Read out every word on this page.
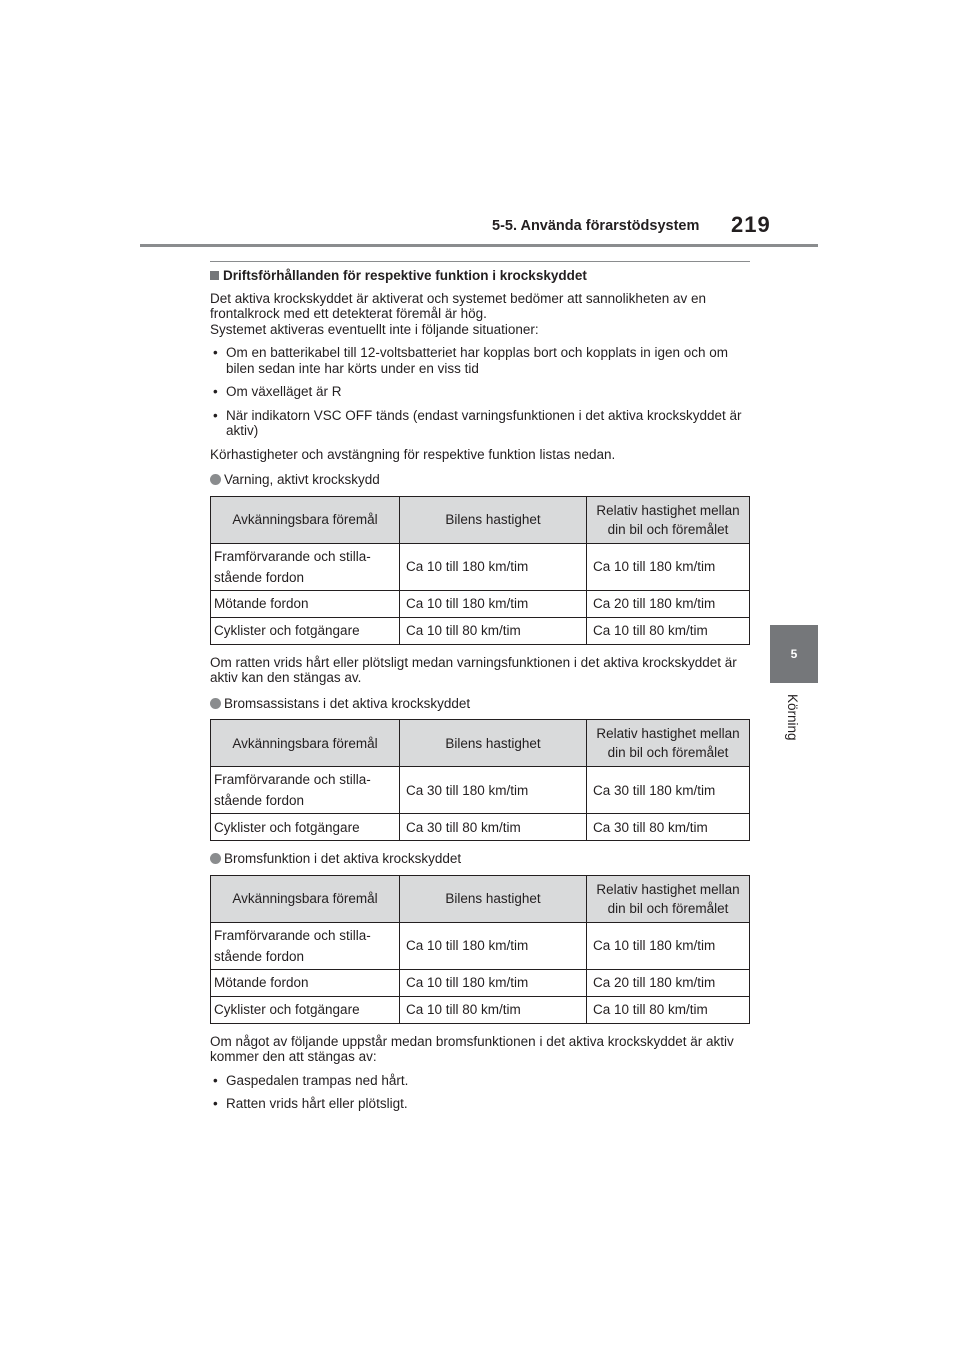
5-5. Använda förarstödsystem 219
5
Körning
Driftsförhållanden för respektive funktion i krockskyddet

Det aktiva krockskyddet är aktiverat och systemet bedömer att sannolikheten av en frontalkrock med ett detekterat föremål är hög.

Systemet aktiveras eventuellt inte i följande situationer:

• Om en batterikabel till 12-voltsbatteriet har kopplas bort och kopplats in igen och om bilen sedan inte har körts under en viss tid
• Om växelläget är R
• När indikatorn VSC OFF tänds (endast varningsfunktionen i det aktiva krockskyddet är aktiv)

Körhastigheter och avstängning för respektive funktion listas nedan.

Varning, aktivt krockskydd
Avkänningsbara föremål	Bilens hastighet	Relativ hastighet mellan din bil och föremålet
Framförvarande och stilla-stående fordon	Ca 10 till 180 km/tim	Ca 10 till 180 km/tim
Mötande fordon	Ca 10 till 180 km/tim	Ca 20 till 180 km/tim
Cyklister och fotgängare	Ca 10 till 80 km/tim	Ca 10 till 80 km/tim

Om ratten vrids hårt eller plötsligt medan varningsfunktionen i det aktiva krockskyddet är aktiv kan den stängas av.

Bromsassistans i det aktiva krockskyddet
Avkänningsbara föremål	Bilens hastighet	Relativ hastighet mellan din bil och föremålet
Framförvarande och stilla-stående fordon	Ca 30 till 180 km/tim	Ca 30 till 180 km/tim
Cyklister och fotgängare	Ca 30 till 80 km/tim	Ca 30 till 80 km/tim
Bromsfunktion i det aktiva krockskyddet
Avkänningsbara föremål	Bilens hastighet	Relativ hastighet mellan din bil och föremålet
Framförvarande och stilla-stående fordon	Ca 10 till 180 km/tim	Ca 10 till 180 km/tim
Mötande fordon	Ca 10 till 180 km/tim	Ca 20 till 180 km/tim
Cyklister och fotgängare	Ca 10 till 80 km/tim	Ca 10 till 80 km/tim

Om något av följande uppstår medan bromsfunktionen i det aktiva krockskyddet är aktiv kommer den att stängas av:

• Gaspedalen trampas ned hårt.
• Ratten vrids hårt eller plötsligt.
